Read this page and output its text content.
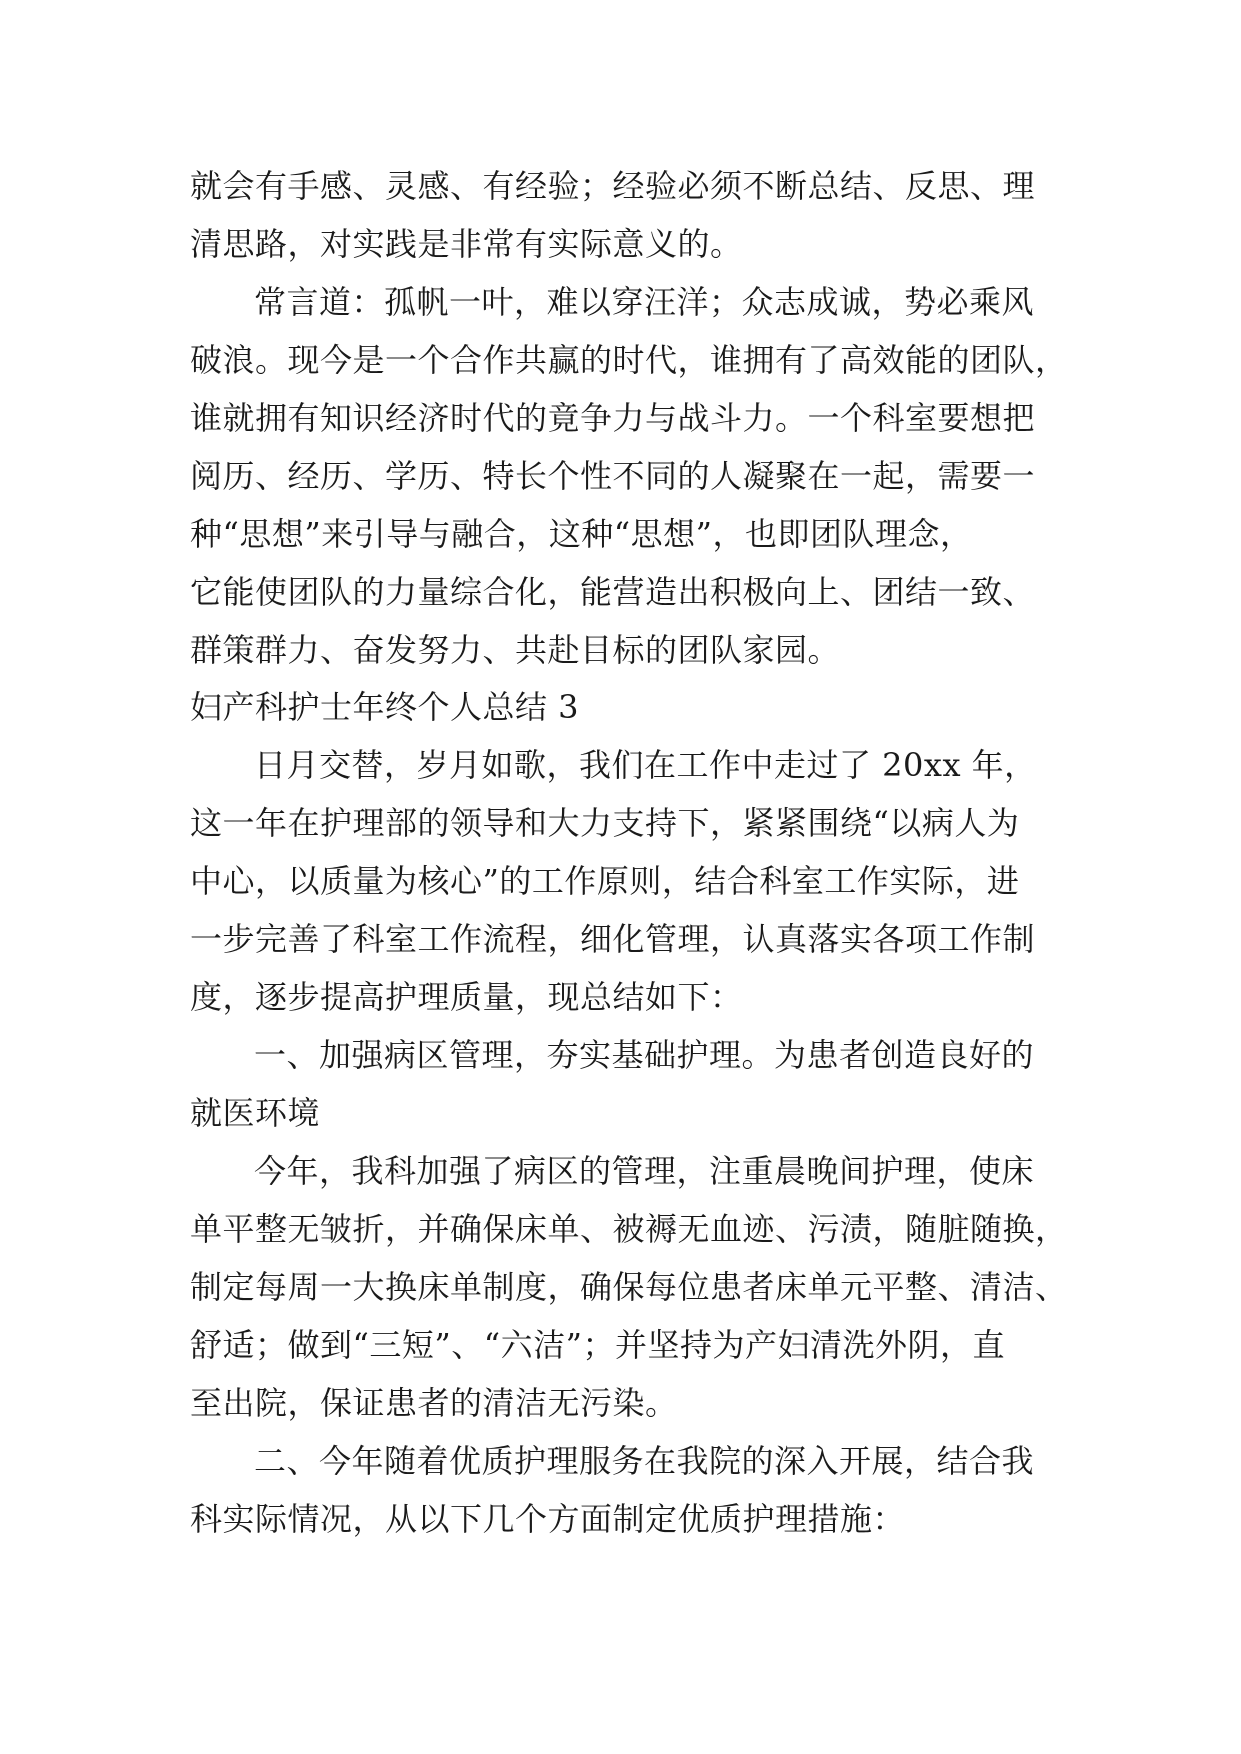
就会有手感、灵感、有经验；经验必须不断总结、反思、理
清思路，对实践是非常有实际意义的。
常言道：孤帆一叶，难以穿汪洋；众志成诚，势必乘风
破浪。现今是一个合作共赢的时代，谁拥有了高效能的团队，
谁就拥有知识经济时代的竟争力与战斗力。一个科室要想把
阅历、经历、学历、特长个性不同的人凝聚在一起，需要一
种“思想”来引导与融合，这种“思想”，也即团队理念，
它能使团队的力量综合化，能营造出积极向上、团结一致、
群策群力、奋发努力、共赴目标的团队家园。
妇产科护士年终个人总结 3
日月交替，岁月如歌，我们在工作中走过了 20xx 年，
这一年在护理部的领导和大力支持下，紧紧围绕“以病人为
中心，以质量为核心”的工作原则，结合科室工作实际，进
一步完善了科室工作流程，细化管理，认真落实各项工作制
度，逐步提高护理质量，现总结如下：
一、加强病区管理，夯实基础护理。为患者创造良好的
就医环境
今年，我科加强了病区的管理，注重晨晚间护理，使床
单平整无皱折，并确保床单、被褥无血迹、污渍，随脏随换，
制定每周一大换床单制度，确保每位患者床单元平整、清洁、
舒适；做到“三短”、“六洁”；并坚持为产妇清洗外阴，直
至出院，保证患者的清洁无污染。
二、今年随着优质护理服务在我院的深入开展，结合我
科实际情况，从以下几个方面制定优质护理措施：
